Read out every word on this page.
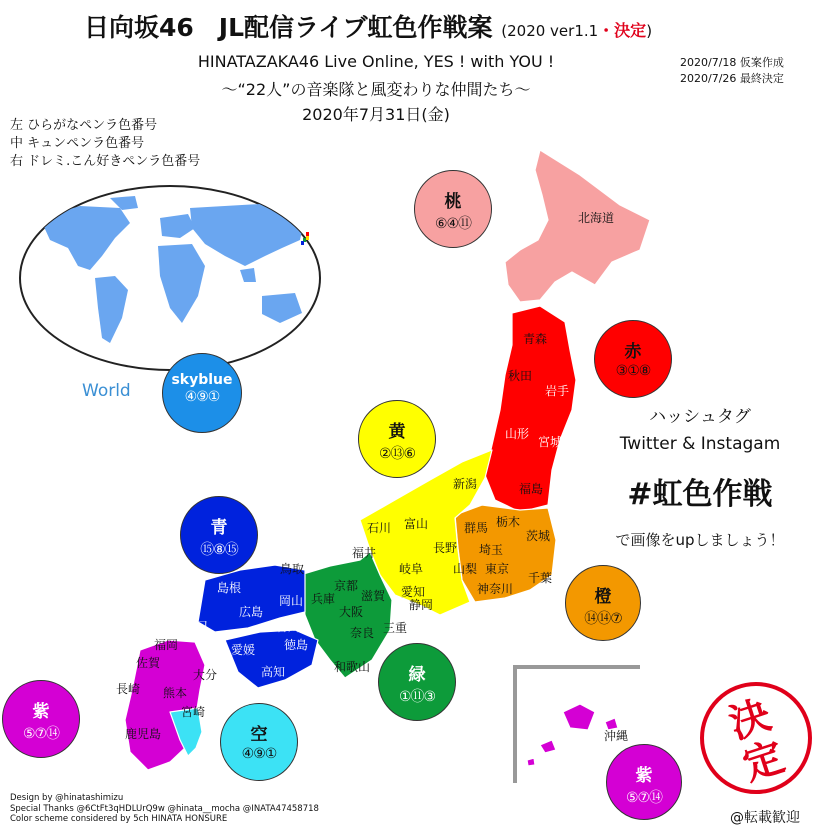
日向坂46　JL配信ライブ虹色作戦案 (2020 ver1.1・決定)
HINATAZAKA46 Live Online, YES ! with YOU !
～“22人”の音楽隊と風変わりな仲間たち～
2020年7月31日(金)
2020/7/18 仮案作成
2020/7/26 最終決定
左 ひらがなペンラ色番号
中 キュンペンラ色番号
右 ドレミ.こん好きペンラ色番号
World
北海道
青森
秋田
岩手
山形
宮城
福島
新潟
石川 富山
福井	長野
岐阜
群馬 栃木
茨城
埼玉
山梨 東京
神奈川
千葉
静岡
愛知
三重
鳥取
島根
岡山
広島
山口
兵庫
京都
滋賀
大阪
奈良
和歌山
香川
徳島
愛媛
高知
福岡
佐賀
大分
長崎 熊本
宮崎
鹿児島	沖縄
桃
⑥④⑪
赤
③①⑧
skyblue
④⑨①
黄
②⑬⑥
青
⑮⑧⑮
橙
⑭⑭⑦
緑
①⑪③
紫
⑤⑦⑭	空
④⑨①
紫
⑤⑦⑭
ハッシュタグ
Twitter & Instagam
#虹色作戦
で画像をupしましょう！
決
定
Design by @hinatashimizu
Special Thanks @6CtFt3qHDLUrQ9w @hinata__mocha @INATA47458718
Color scheme considered by 5ch HINATA HONSURE	@転載歓迎
